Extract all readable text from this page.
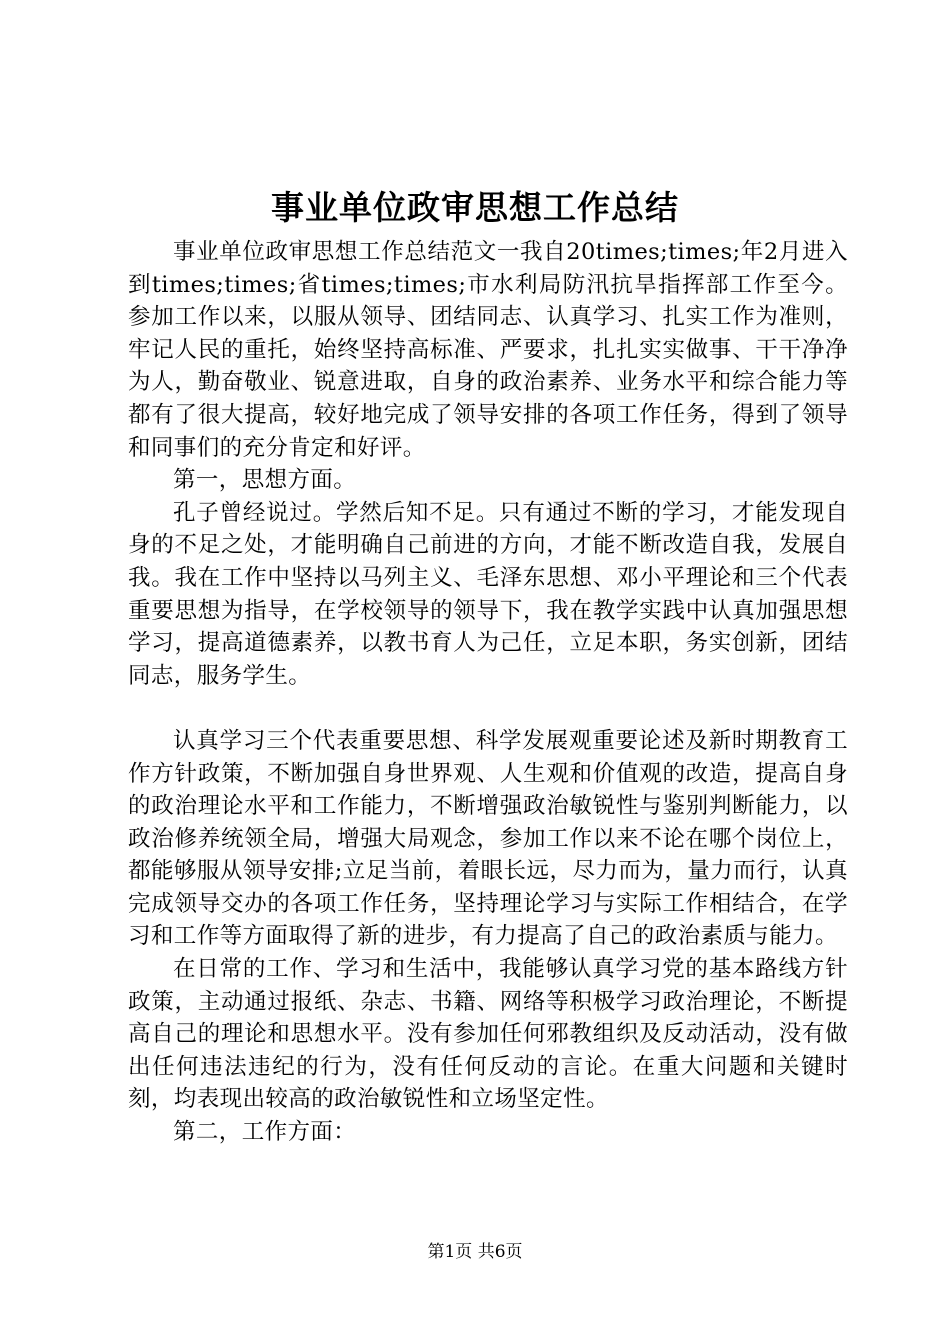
事业单位政审思想工作总结

事业单位政审思想工作总结范文一我自20times;times;年2月进入到times;times;省times;times;市水利局防汛抗旱指挥部工作至今。参加工作以来，以服从领导、团结同志、认真学习、扎实工作为准则，牢记人民的重托，始终坚持高标准、严要求，扎扎实实做事、干干净净为人，勤奋敬业、锐意进取，自身的政治素养、业务水平和综合能力等都有了很大提高，较好地完成了领导安排的各项工作任务，得到了领导和同事们的充分肯定和好评。

第一，思想方面。

孔子曾经说过。学然后知不足。只有通过不断的学习，才能发现自身的不足之处，才能明确自己前进的方向，才能不断改造自我，发展自我。我在工作中坚持以马列主义、毛泽东思想、邓小平理论和三个代表重要思想为指导，在学校领导的领导下，我在教学实践中认真加强思想学习，提高道德素养，以教书育人为己任，立足本职，务实创新，团结同志，服务学生。

认真学习三个代表重要思想、科学发展观重要论述及新时期教育工作方针政策，不断加强自身世界观、人生观和价值观的改造，提高自身的政治理论水平和工作能力，不断增强政治敏锐性与鉴别判断能力，以政治修养统领全局，增强大局观念，参加工作以来不论在哪个岗位上，都能够服从领导安排;立足当前，着眼长远，尽力而为，量力而行，认真完成领导交办的各项工作任务，坚持理论学习与实际工作相结合，在学习和工作等方面取得了新的进步，有力提高了自己的政治素质与能力。

在日常的工作、学习和生活中，我能够认真学习党的基本路线方针政策，主动通过报纸、杂志、书籍、网络等积极学习政治理论，不断提高自己的理论和思想水平。没有参加任何邪教组织及反动活动，没有做出任何违法违纪的行为，没有任何反动的言论。在重大问题和关键时刻，均表现出较高的政治敏锐性和立场坚定性。

第二，工作方面：

第1页 共6页
